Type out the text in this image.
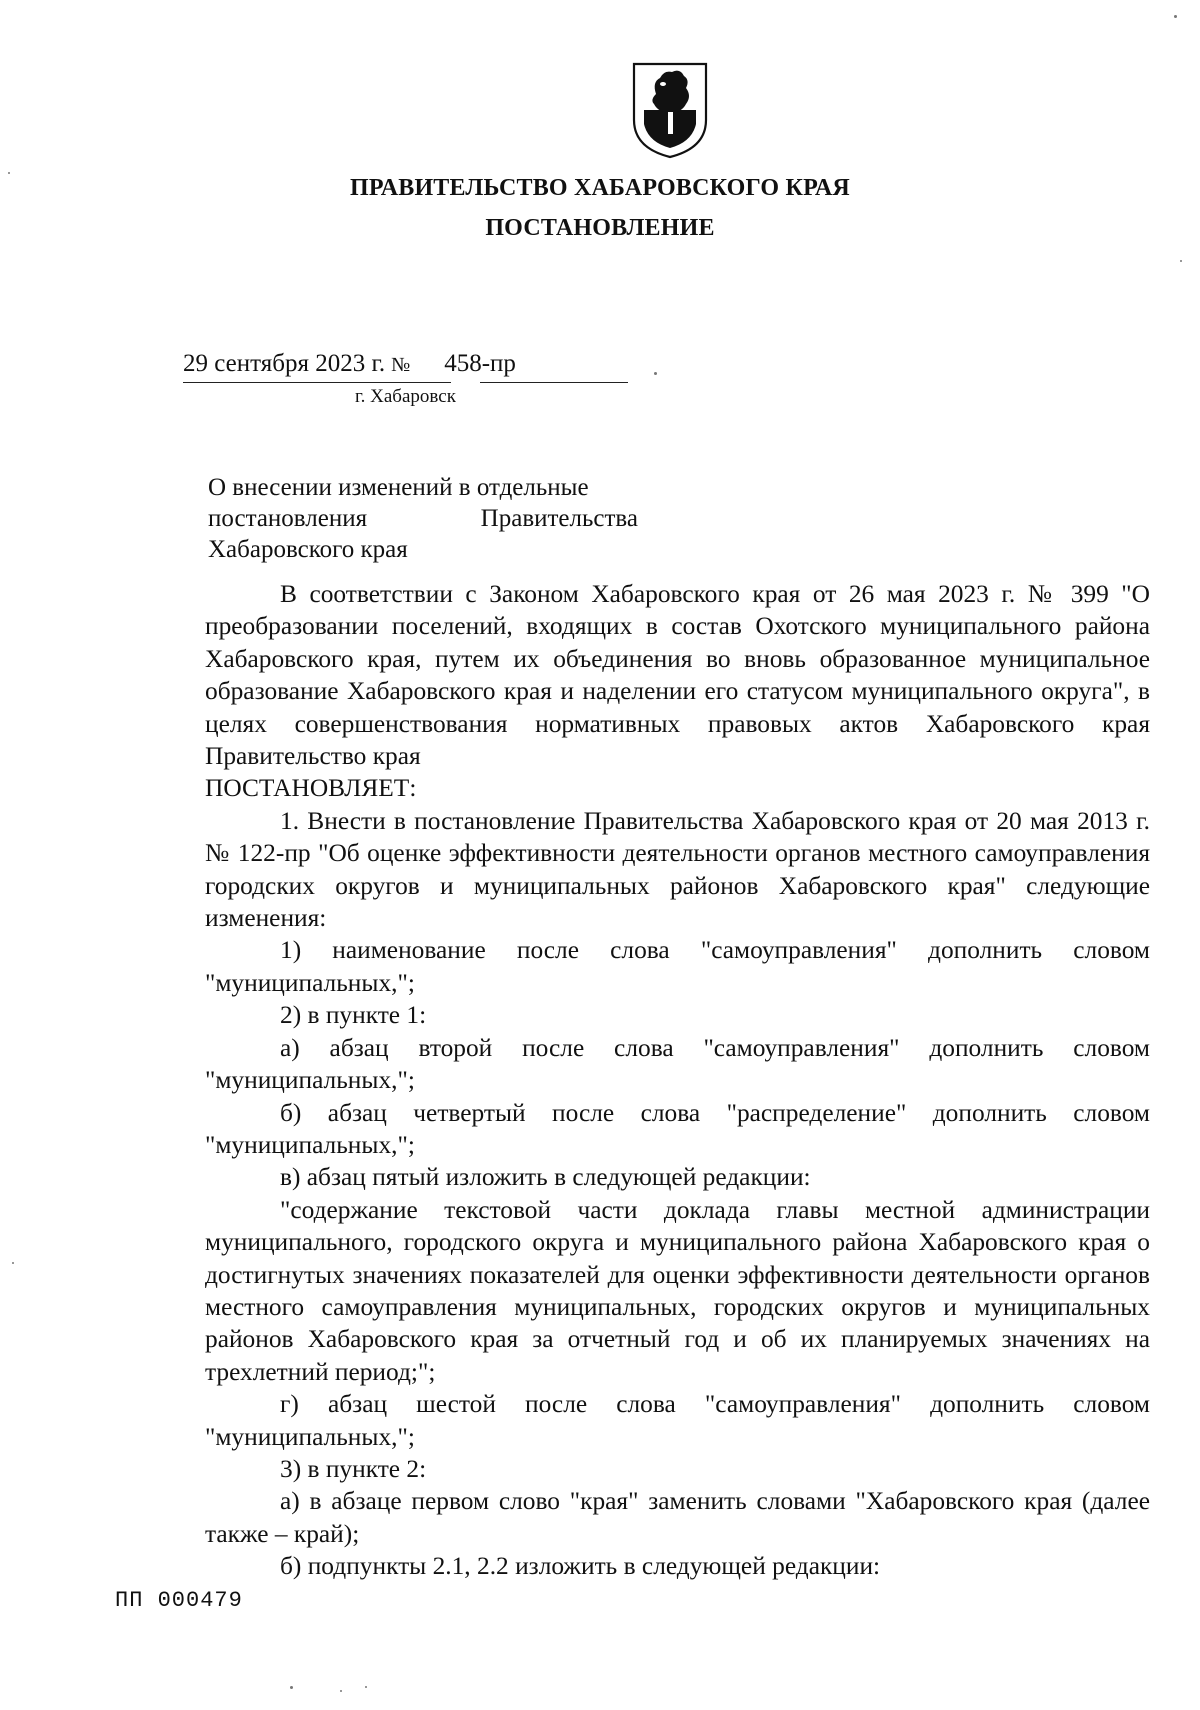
ПРАВИТЕЛЬСТВО ХАБАРОВСКОГО КРАЯ
ПОСТАНОВЛЕНИЕ
29 сентября 2023 г. № 458-пр
г. Хабаровск
О внесении изменений в отдельные
постановления	Правительства
Хабаровского края

В соответствии с Законом Хабаровского края от 26 мая 2023 г. № 399 "О преобразовании поселений, входящих в состав Охотского муниципального района Хабаровского края, путем их объединения во вновь образованное муниципальное образование Хабаровского края и наделении его статусом муниципального округа", в целях совершенствования нормативных правовых актов Хабаровского края Правительство края

ПОСТАНОВЛЯЕТ:

1. Внести в постановление Правительства Хабаровского края от 20 мая 2013 г. № 122-пр "Об оценке эффективности деятельности органов местного самоуправления городских округов и муниципальных районов Хабаровского края" следующие изменения:

1) наименование после слова "самоуправления" дополнить словом "муниципальных,";

2) в пункте 1:

а) абзац второй после слова "самоуправления" дополнить словом "муниципальных,";

б) абзац четвертый после слова "распределение" дополнить словом "муниципальных,";

в) абзац пятый изложить в следующей редакции:

"содержание текстовой части доклада главы местной администрации муниципального, городского округа и муниципального района Хабаровского края о достигнутых значениях показателей для оценки эффективности деятельности органов местного самоуправления муниципальных, городских округов и муниципальных районов Хабаровского края за отчетный год и об их планируемых значениях на трехлетний период;";

г) абзац шестой после слова "самоуправления" дополнить словом "муниципальных,";

3) в пункте 2:

а) в абзаце первом слово "края" заменить словами "Хабаровского края (далее также – край);

б) подпункты 2.1, 2.2 изложить в следующей редакции:

ПП 000479
